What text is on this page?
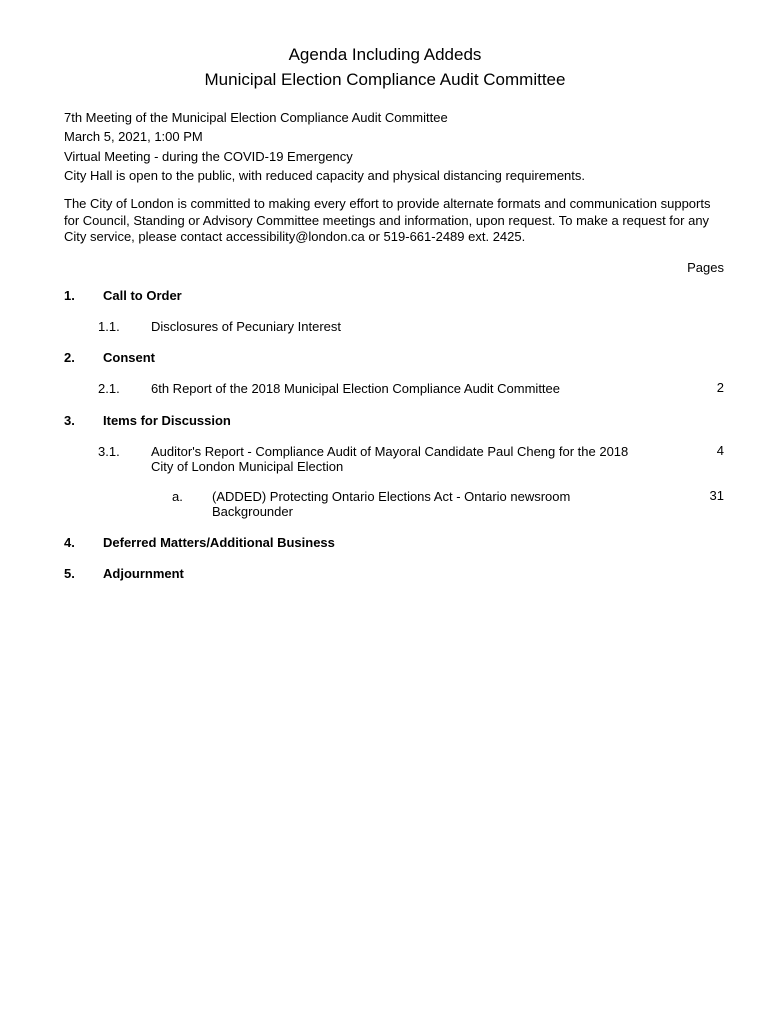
Agenda Including Addeds
Municipal Election Compliance Audit Committee
7th Meeting of the Municipal Election Compliance Audit Committee
March 5, 2021, 1:00 PM
Virtual Meeting - during the COVID-19 Emergency
City Hall is open to the public, with reduced capacity and physical distancing requirements.
The City of London is committed to making every effort to provide alternate formats and communication supports for Council, Standing or Advisory Committee meetings and information, upon request. To make a request for any City service, please contact accessibility@london.ca or 519-661-2489 ext. 2425.
Pages
1. Call to Order
1.1. Disclosures of Pecuniary Interest
2. Consent
2.1. 6th Report of the 2018 Municipal Election Compliance Audit Committee	2
3. Items for Discussion
3.1. Auditor's Report - Compliance Audit of Mayoral Candidate Paul Cheng for the 2018 City of London Municipal Election
4
a. (ADDED) Protecting Ontario Elections Act - Ontario newsroom Backgrounder
31
4. Deferred Matters/Additional Business
5. Adjournment
